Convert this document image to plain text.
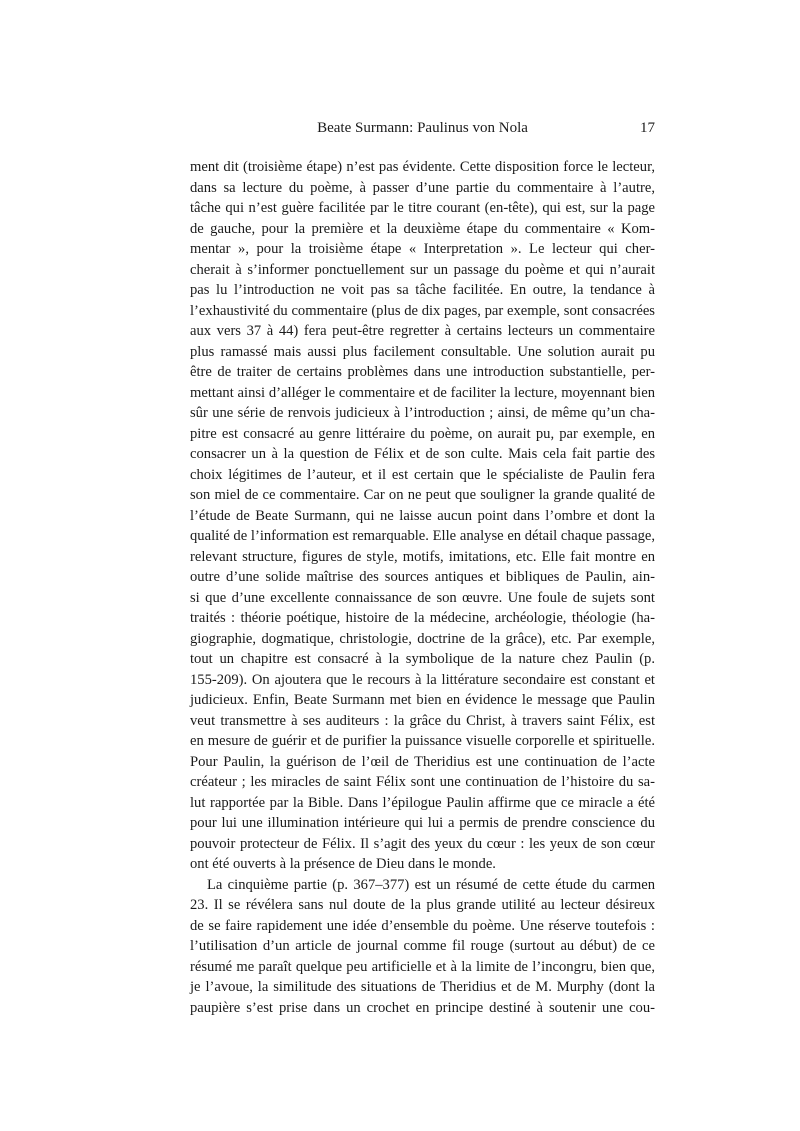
Beate Surmann: Paulinus von Nola	17
ment dit (troisième étape) n’est pas évidente. Cette disposition force le lecteur,
dans sa lecture du poème, à passer d’une partie du commentaire à l’autre,
tâche qui n’est guère facilitée par le titre courant (en-tête), qui est, sur la page
de gauche, pour la première et la deuxième étape du commentaire « Kom-
mentar », pour la troisième étape « Interpretation ». Le lecteur qui cher-
cherait à s’informer ponctuellement sur un passage du poème et qui n’aurait
pas lu l’introduction ne voit pas sa tâche facilitée. En outre, la tendance à
l’exhaustivité du commentaire (plus de dix pages, par exemple, sont consacrées
aux vers 37 à 44) fera peut-être regretter à certains lecteurs un commentaire
plus ramassé mais aussi plus facilement consultable. Une solution aurait pu
être de traiter de certains problèmes dans une introduction substantielle, per-
mettant ainsi d’alléger le commentaire et de faciliter la lecture, moyennant bien
sûr une série de renvois judicieux à l’introduction ; ainsi, de même qu’un cha-
pitre est consacré au genre littéraire du poème, on aurait pu, par exemple, en
consacrer un à la question de Félix et de son culte. Mais cela fait partie des
choix légitimes de l’auteur, et il est certain que le spécialiste de Paulin fera
son miel de ce commentaire. Car on ne peut que souligner la grande qualité de
l’étude de Beate Surmann, qui ne laisse aucun point dans l’ombre et dont la
qualité de l’information est remarquable. Elle analyse en détail chaque passage,
relevant structure, figures de style, motifs, imitations, etc. Elle fait montre en
outre d’une solide maîtrise des sources antiques et bibliques de Paulin, ain-
si que d’une excellente connaissance de son œuvre. Une foule de sujets sont
traités : théorie poétique, histoire de la médecine, archéologie, théologie (ha-
giographie, dogmatique, christologie, doctrine de la grâce), etc. Par exemple,
tout un chapitre est consacré à la symbolique de la nature chez Paulin (p.
155-209). On ajoutera que le recours à la littérature secondaire est constant et
judicieux. Enfin, Beate Surmann met bien en évidence le message que Paulin
veut transmettre à ses auditeurs : la grâce du Christ, à travers saint Félix, est
en mesure de guérir et de purifier la puissance visuelle corporelle et spirituelle.
Pour Paulin, la guérison de l’œil de Theridius est une continuation de l’acte
créateur ; les miracles de saint Félix sont une continuation de l’histoire du sa-
lut rapportée par la Bible. Dans l’épilogue Paulin affirme que ce miracle a été
pour lui une illumination intérieure qui lui a permis de prendre conscience du
pouvoir protecteur de Félix. Il s’agit des yeux du cœur : les yeux de son cœur
ont été ouverts à la présence de Dieu dans le monde.
La cinquième partie (p. 367–377) est un résumé de cette étude du carmen
23. Il se révélera sans nul doute de la plus grande utilité au lecteur désireux
de se faire rapidement une idée d’ensemble du poème. Une réserve toutefois :
l’utilisation d’un article de journal comme fil rouge (surtout au début) de ce
résumé me paraît quelque peu artificielle et à la limite de l’incongru, bien que,
je l’avoue, la similitude des situations de Theridius et de M. Murphy (dont la
paupière s’est prise dans un crochet en principe destiné à soutenir une cou-
